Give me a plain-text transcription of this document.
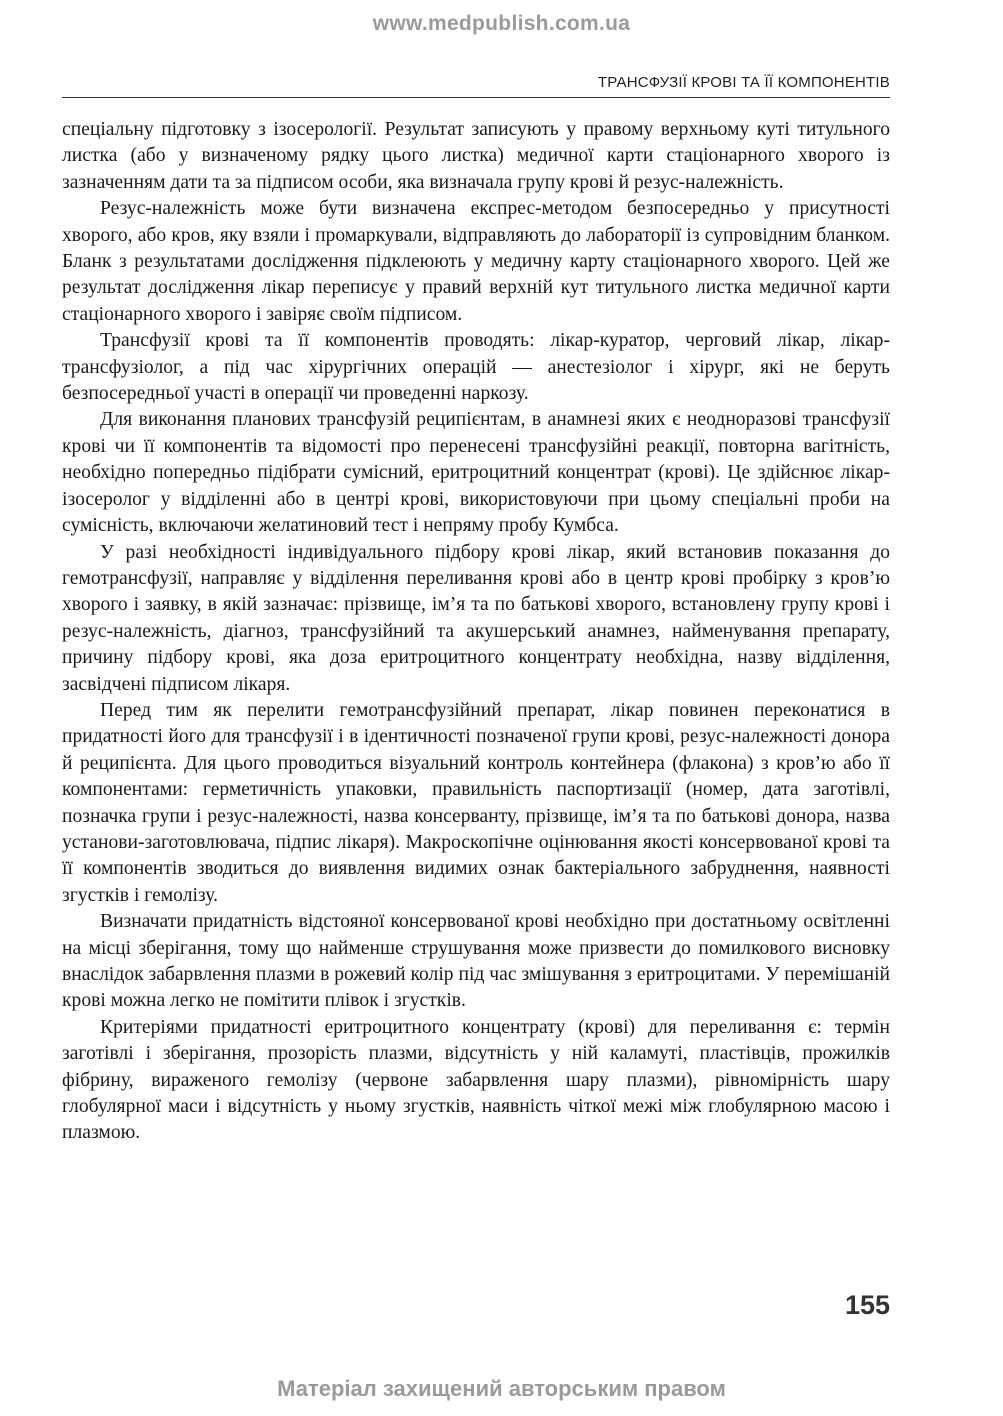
www.medpublish.com.ua
ТРАНСФУЗІЇ КРОВІ ТА ЇЇ КОМПОНЕНТІВ

спеціальну підготовку з ізосерології. Результат записують у правому верхньому куті титульного листка (або у визначеному рядку цього листка) медичної карти стаціонарного хворого із зазначенням дати та за підписом особи, яка визначала групу крові й резус-належність.

Резус-належність може бути визначена експрес-методом безпосередньо у присутності хворого, або кров, яку взяли і промаркували, відправляють до лабораторії із супровідним бланком. Бланк з результатами дослідження підклеюють у медичну карту стаціонарного хворого. Цей же результат дослідження лікар переписує у правий верхній кут титульного листка медичної карти стаціонарного хворого і завіряє своїм підписом.

Трансфузії крові та її компонентів проводять: лікар-куратор, черговий лікар, лікар-трансфузіолог, а під час хірургічних операцій — анестезіолог і хірург, які не беруть безпосередньої участі в операції чи проведенні наркозу.

Для виконання планових трансфузій реципієнтам, в анамнезі яких є неодноразові трансфузії крові чи її компонентів та відомості про перенесені трансфузійні реакції, повторна вагітність, необхідно попередньо підібрати сумісний, еритроцитний концентрат (крові). Це здійснює лікар-ізосеролог у відділенні або в центрі крові, використовуючи при цьому спеціальні проби на сумісність, включаючи желатиновий тест і непряму пробу Кумбса.

У разі необхідності індивідуального підбору крові лікар, який встановив показання до гемотрансфузії, направляє у відділення переливання крові або в центр крові пробірку з кров’ю хворого і заявку, в якій зазначає: прізвище, ім’я та по батькові хворого, встановлену групу крові і резус-належність, діагноз, трансфузійний та акушерський анамнез, найменування препарату, причину підбору крові, яка доза еритроцитного концентрату необхідна, назву відділення, засвідчені підписом лікаря.

Перед тим як перелити гемотрансфузійний препарат, лікар повинен переконатися в придатності його для трансфузії і в ідентичності позначеної групи крові, резус-належності донора й реципієнта. Для цього проводиться візуальний контроль контейнера (флакона) з кров’ю або її компонентами: герметичність упаковки, правильність паспортизації (номер, дата заготівлі, позначка групи і резус-належності, назва консерванту, прізвище, ім’я та по батькові донора, назва установи-заготовлювача, підпис лікаря). Макроскопічне оцінювання якості консервованої крові та її компонентів зводиться до виявлення видимих ознак бактеріального забруднення, наявності згустків і гемолізу.

Визначати придатність відстояної консервованої крові необхідно при достатньому освітленні на місці зберігання, тому що найменше струшування може призвести до помилкового висновку внаслідок забарвлення плазми в рожевий колір під час змішування з еритроцитами. У перемішаній крові можна легко не помітити плівок і згустків.

Критеріями придатності еритроцитного концентрату (крові) для переливання є: термін заготівлі і зберігання, прозорість плазми, відсутність у ній каламуті, пластівців, прожилків фібрину, вираженого гемолізу (червоне забарвлення шару плазми), рівномірність шару глобулярної маси і відсутність у ньому згустків, наявність чіткої межі між глобулярною масою і плазмою.

155
Матеріал захищений авторським правом
